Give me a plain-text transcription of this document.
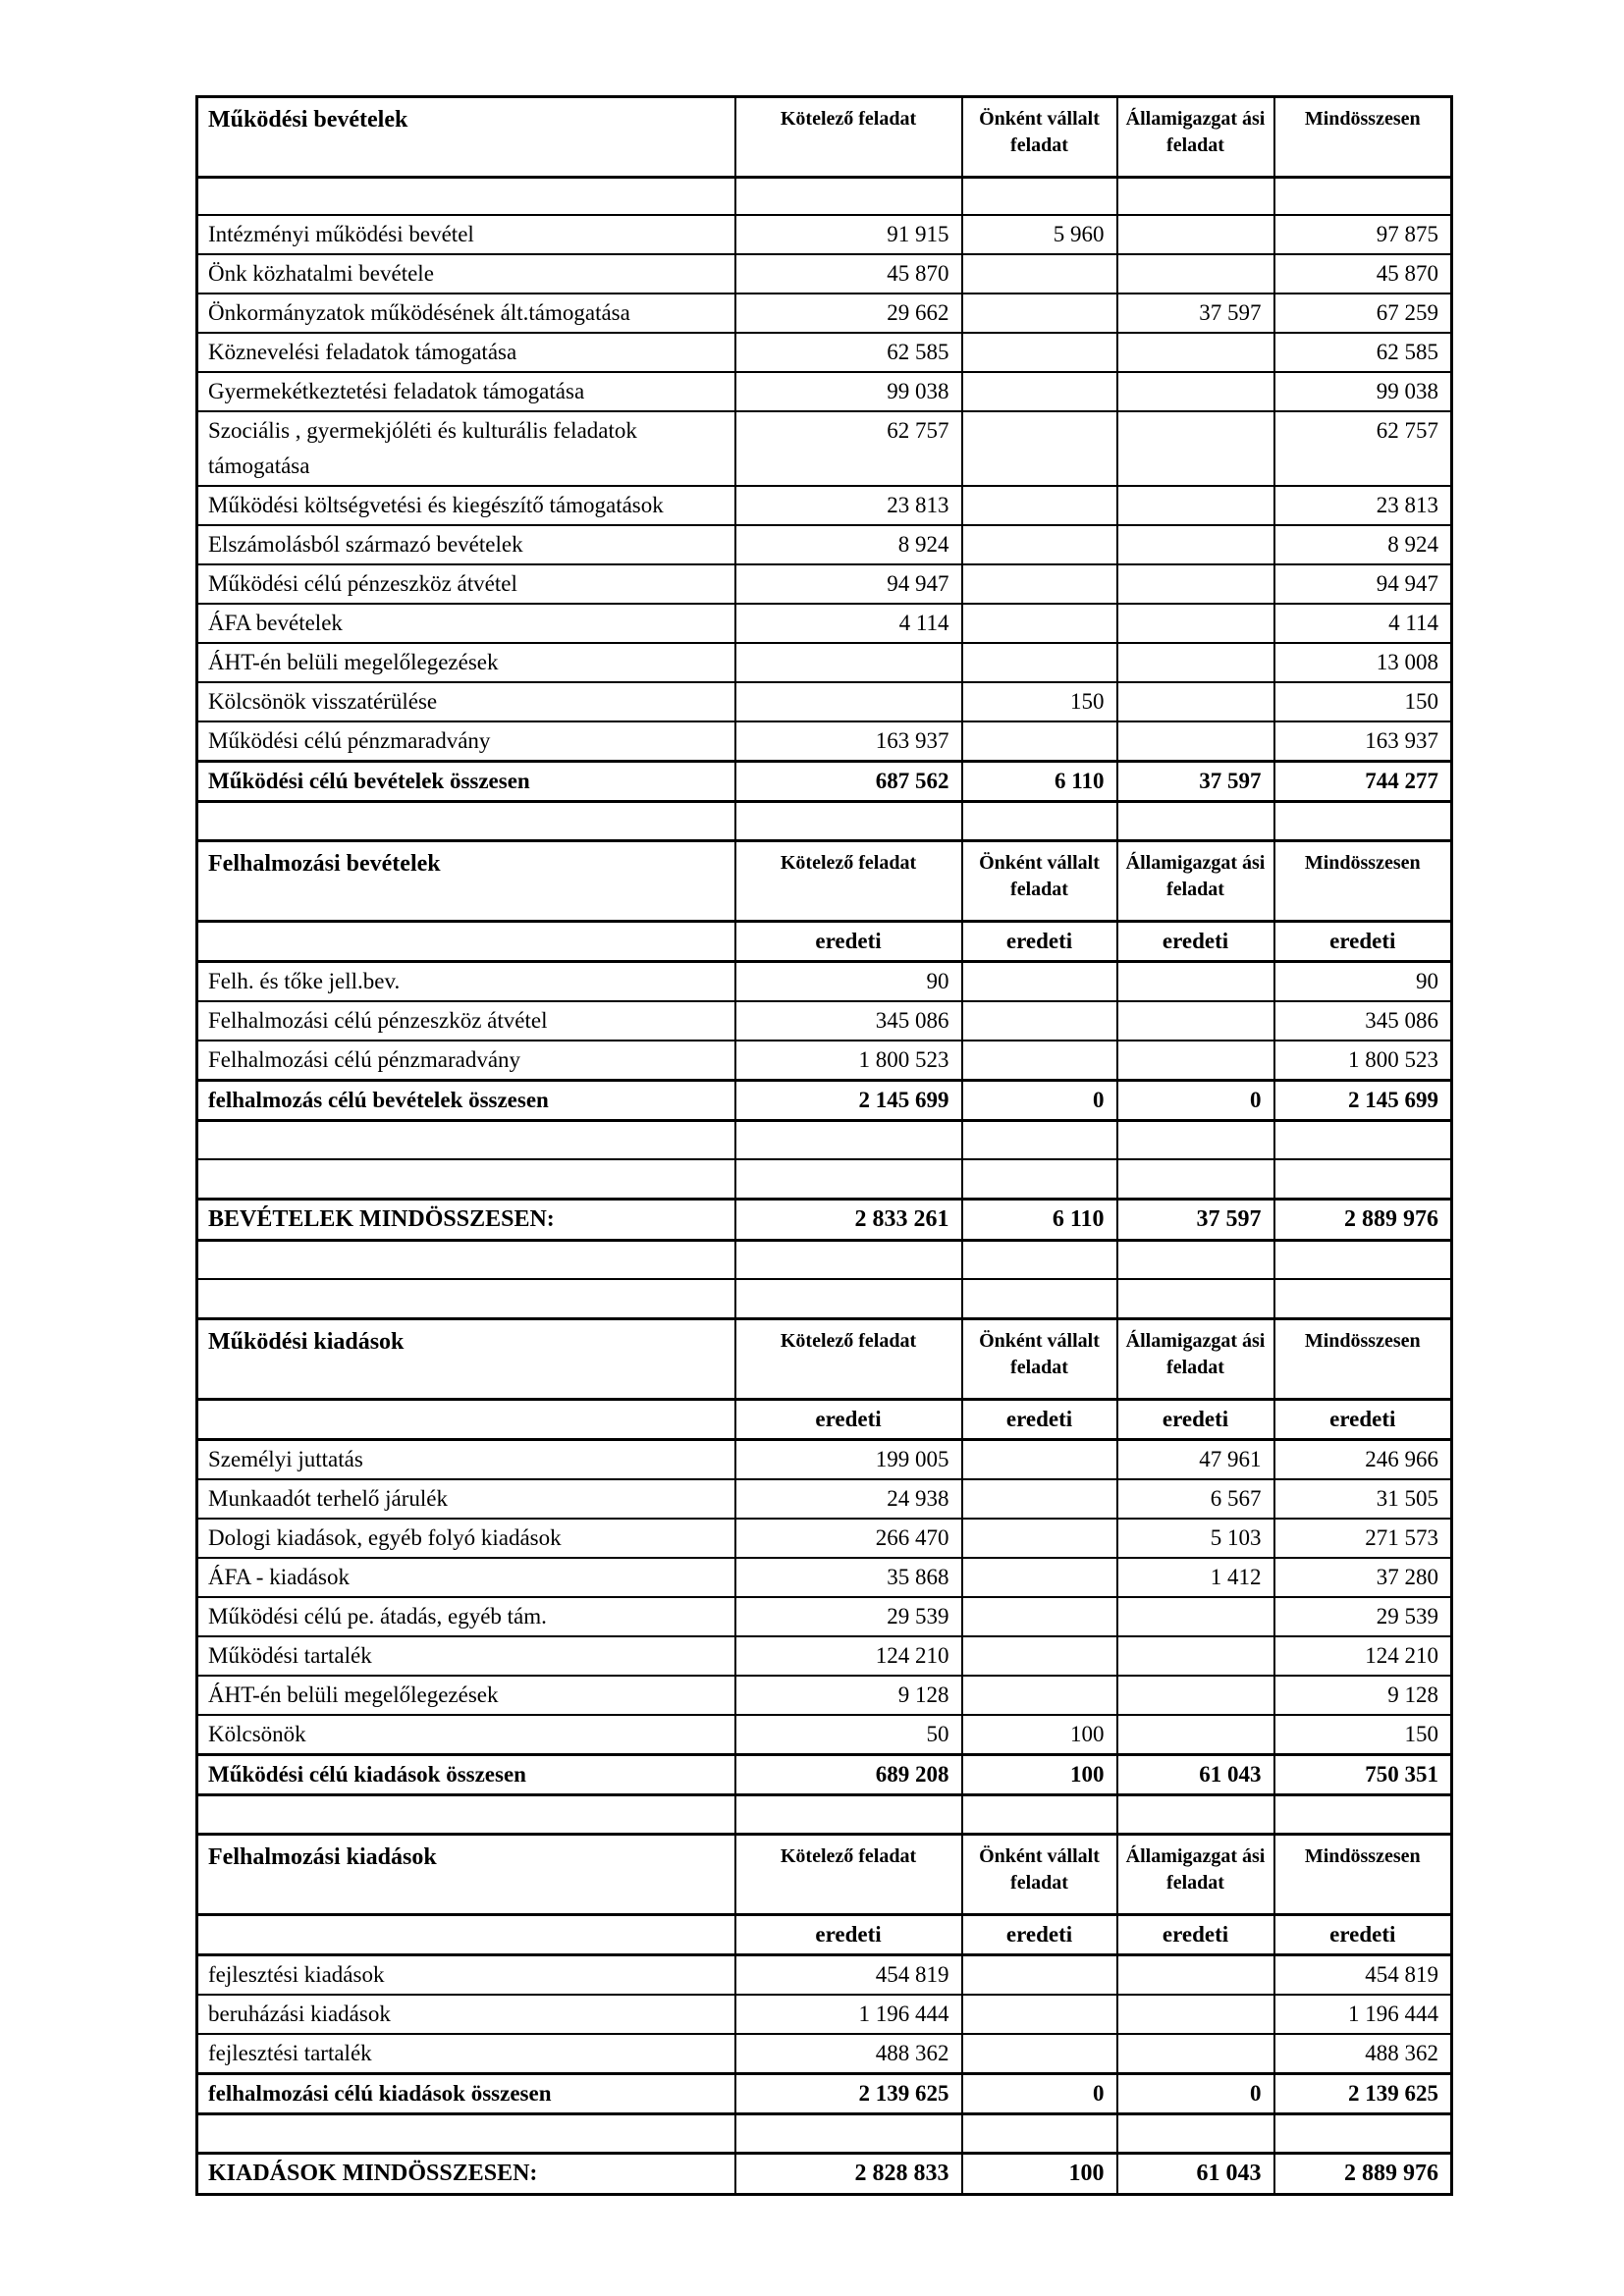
Működési bevételek	Kötelező feladat	Önként vállalt feladat	Államigazgat ási feladat	Mindösszesen

Intézményi működési bevétel	91 915	5 960		97 875
Önk közhatalmi bevétele	45 870			45 870
Önkormányzatok működésének ált.támogatása	29 662		37 597	67 259
Köznevelési feladatok támogatása	62 585			62 585
Gyermekétkeztetési feladatok támogatása	99 038			99 038
Szociális , gyermekjóléti és kulturális feladatok támogatása	62 757			62 757
Működési költségvetési és kiegészítő támogatások	23 813			23 813
Elszámolásból származó bevételek	8 924			8 924
Működési célú pénzeszköz átvétel	94 947			94 947
ÁFA bevételek	4 114			4 114
ÁHT-én belüli megelőlegezések				13 008
Kölcsönök visszatérülése		150		150
Működési célú pénzmaradvány	163 937			163 937
Működési célú bevételek összesen	687 562	6 110	37 597	744 277

Felhalmozási bevételek	Kötelező feladat	Önként vállalt feladat	Államigazgat ási feladat	Mindösszesen
	eredeti	eredeti	eredeti	eredeti
Felh. és tőke jell.bev.	90			90
Felhalmozási célú pénzeszköz átvétel	345 086			345 086
Felhalmozási célú pénzmaradvány	1 800 523			1 800 523
felhalmozás célú bevételek összesen	2 145 699	0	0	2 145 699

BEVÉTELEK MINDÖSSZESEN:	2 833 261	6 110	37 597	2 889 976

Működési kiadások	Kötelező feladat	Önként vállalt feladat	Államigazgat ási feladat	Mindösszesen
	eredeti	eredeti	eredeti	eredeti
Személyi juttatás	199 005		47 961	246 966
Munkaadót terhelő járulék	24 938		6 567	31 505
Dologi kiadások, egyéb folyó kiadások	266 470		5 103	271 573
ÁFA - kiadások	35 868		1 412	37 280
Működési célú pe. átadás, egyéb tám.	29 539			29 539
Működési tartalék	124 210			124 210
ÁHT-én belüli megelőlegezések	9 128			9 128
Kölcsönök	50	100		150
Működési célú kiadások összesen	689 208	100	61 043	750 351

Felhalmozási kiadások	Kötelező feladat	Önként vállalt feladat	Államigazgat ási feladat	Mindösszesen
	eredeti	eredeti	eredeti	eredeti
fejlesztési kiadások	454 819			454 819
beruházási kiadások	1 196 444			1 196 444
fejlesztési tartalék	488 362			488 362
felhalmozási célú kiadások összesen	2 139 625	0	0	2 139 625

KIADÁSOK MINDÖSSZESEN:	2 828 833	100	61 043	2 889 976
